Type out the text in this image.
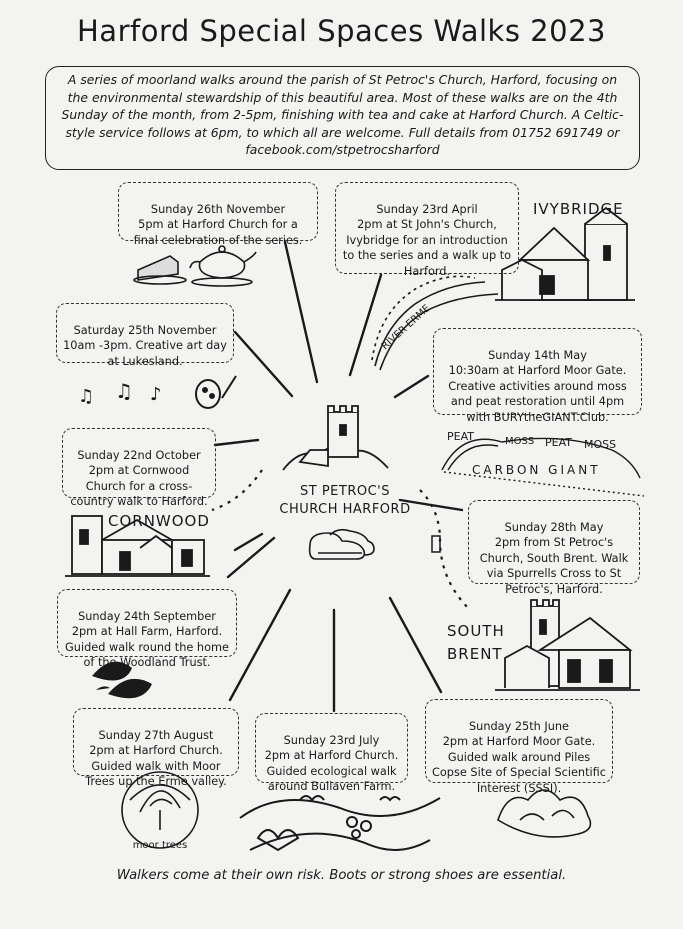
Harford Special Spaces Walks 2023
A series of moorland walks around the parish of St Petroc's Church, Harford, focusing on the environmental stewardship of this beautiful area. Most of these walks are on the 4th Sunday of the month, from 2-5pm, finishing with tea and cake at Harford Church. A Celtic-style service follows at 6pm, to which all are welcome. Full details from 01752 691749 or facebook.com/stpetrocsharford
♫ ♫ ♪
RIVER ERME
PEAT	MOSS PEAT MOSS
CARBON GIANT
moor trees

Sunday 26th November
5pm at Harford Church for a final celebration of the series.

Sunday 23rd April
2pm at St John's Church, Ivybridge for an introduction to the series and a walk up to Harford.

Saturday 25th November
10am -3pm. Creative art day at Lukesland.	Sunday 14th May
10:30am at Harford Moor Gate. Creative activities around moss and peat restoration until 4pm with BURYtheGIANT.Club.

Sunday 22nd October
2pm at Cornwood Church for a cross-country walk to Harford.

Sunday 28th May
2pm from St Petroc's Church, South Brent. Walk via Spurrells Cross to St Petroc's, Harford.

Sunday 24th September
2pm at Hall Farm, Harford. Guided walk round the home of the Woodland Trust.

Sunday 25th June
2pm at Harford Moor Gate. Guided walk around Piles Copse Site of Special Scientific Interest (SSSI).

Sunday 27th August
2pm at Harford Church. Guided walk with Moor Trees up the Erme valley.

Sunday 23rd July
2pm at Harford Church. Guided ecological walk around Bullaven Farm.

IVYBRIDGE
CORNWOOD
SOUTH
BRENT
ST PETROC'S
CHURCH HARFORD
Walkers come at their own risk. Boots or strong shoes are essential.
